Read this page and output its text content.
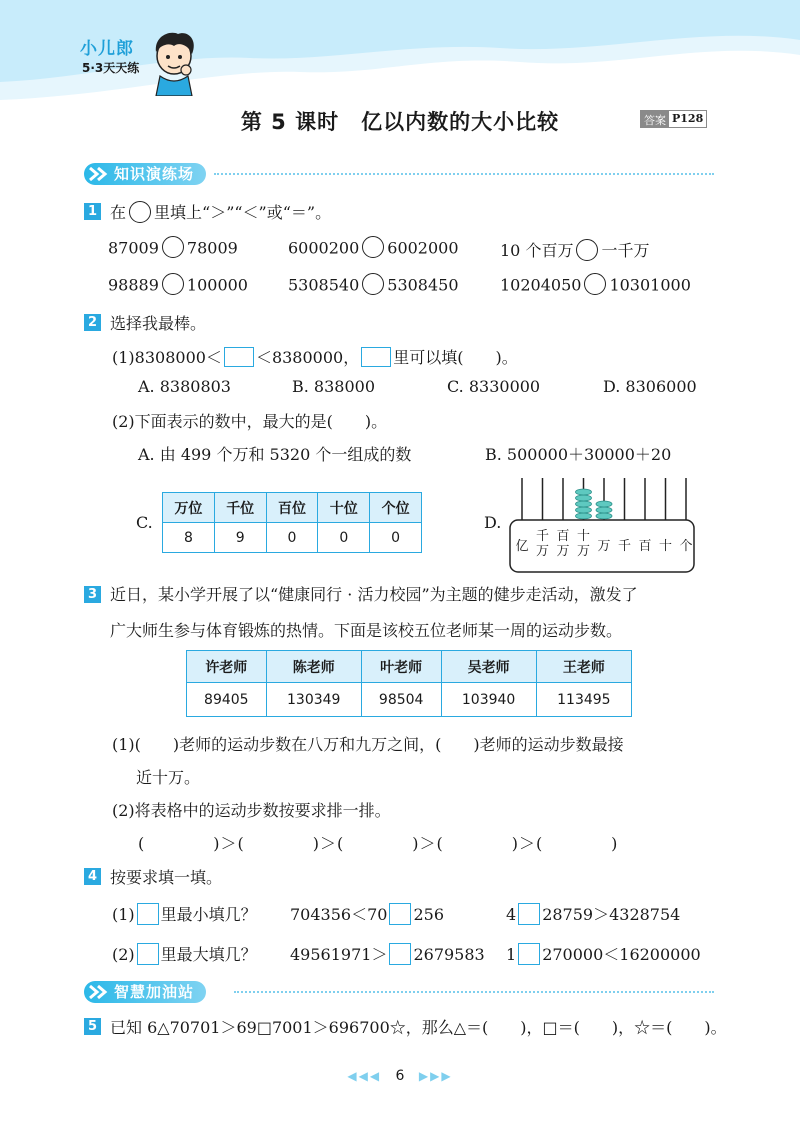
小儿郎
5·3天天练
第 5 课时　亿以内数的大小比较	答案 P128
知识演练场
1 在 里填上“＞”“＜”或“＝”。
87009 78009	6000200 6002000	10 个百万 一千万
98889 100000	5308540 5308450	10204050 10301000
2 选择我最棒。
(1)8308000＜ ＜8380000， 里可以填(　　)。
A. 8380803	B. 838000	C. 8330000	D. 8306000
(2)下面表示的数中，最大的是(　　)。
A. 由 499 个万和 5320 个一组成的数	B. 500000＋30000＋20
C.
万位	千位	百位	十位	个位
8	9	0	0	0
D.
亿
千
万
百
万
十
万 万 千 百 十 个
3 近日，某小学开展了以“健康同行 · 活力校园”为主题的健步走活动，激发了
广大师生参与体育锻炼的热情。下面是该校五位老师某一周的运动步数。
许老师	陈老师	叶老师	吴老师	王老师
89405	130349	98504	103940	113495
(1)(　　)老师的运动步数在八万和九万之间，(　　)老师的运动步数最接
近十万。
(2)将表格中的运动步数按要求排一排。
(　　　　)＞(　　　　)＞(　　　　)＞(　　　　)＞(　　　　)
4 按要求填一填。
(1) 里最小填几？ 704356＜70 256	4 28759＞4328754
(2) 里最大填几？ 49561971＞ 2679583 1 270000＜16200000
智慧加油站
5 已知 6△70701＞69□7001＞696700☆，那么△＝(　　)，□＝(　　)，☆＝(　　)。
◀◀◀ 6 ▶▶▶
